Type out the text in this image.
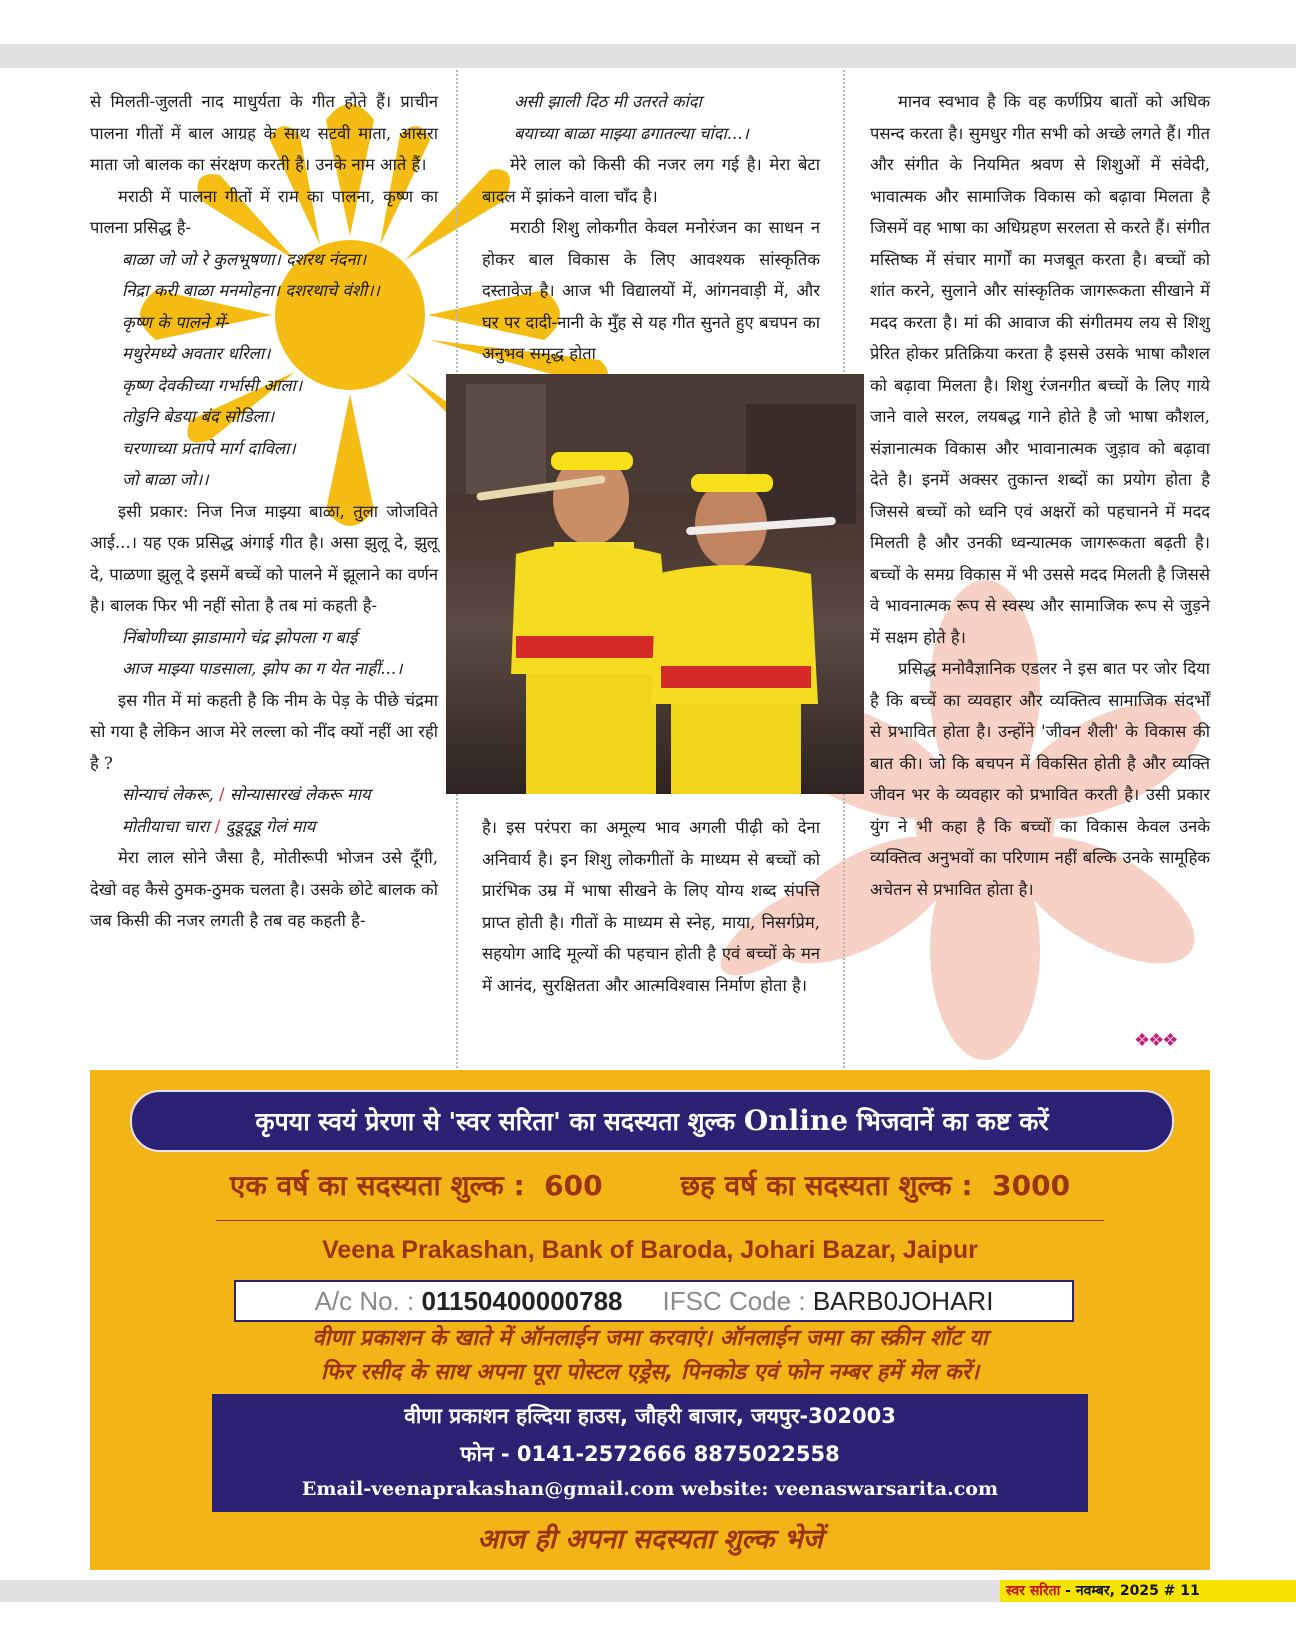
से मिलती-जुलती नाद माधुर्यता के गीत होते हैं। प्राचीन पालना गीतों में बाल आग्रह के साथ सटवी माता, आसरा माता जो बालक का संरक्षण करती है। उनके नाम आते हैं।

मराठी में पालना गीतों में राम का पालना, कृष्ण का पालना प्रसिद्ध है-

बाळा जो जो रे कुलभूषणा। दशरथ नंदना।

निद्रा करी बाळा मनमोहना। दशरथाचे वंशी।।

कृष्ण के पालने में-

मथुरेमध्ये अवतार धरिला।

कृष्ण देवकीच्या गर्भासी आला।

तोडुनि बेडया बंद सोडिला।

चरणाच्या प्रतापे मार्ग दाविला।

जो बाळा जो।।

इसी प्रकार: निज निज माझ्या बाळा, तुला जोजविते आई...। यह एक प्रसिद्ध अंगाई गीत है। असा झुलू दे, झुलू दे, पाळणा झुलू दे इसमें बच्चें को पालने में झूलाने का वर्णन है। बालक फिर भी नहीं सोता है तब मां कहती है-

निंबोणीच्या झाडामागे चंद्र झोपला ग बाई

आज माझ्या पाडसाला, झोप का ग येत नाहीं...।

इस गीत में मां कहती है कि नीम के पेड़ के पीछे चंद्रमा सो गया है लेकिन आज मेरे लल्ला को नींद क्यों नहीं आ रही है ?

सोन्याचं लेकरू, / सोन्यासारखं लेकरू माय

मोतीयाचा चारा / दुडूदूडू गेलं माय

मेरा लाल सोने जैसा है, मोतीरूपी भोजन उसे दूँगी, देखो वह कैसे ठुमक-ठुमक चलता है। उसके छोटे बालक को जब किसी की नजर लगती है तब वह कहती है-

असी झाली दिठ मी उतरते कांदा

बयाच्या बाळा माझ्या ढगातल्या चांदा...।

मेरे लाल को किसी की नजर लग गई है। मेरा बेटा बादल में झांकने वाला चाँद है।

मराठी शिशु लोकगीत केवल मनोरंजन का साधन न होकर बाल विकास के लिए आवश्यक सांस्कृतिक दस्तावेज है। आज भी विद्यालयों में, आंगनवाड़ी में, और घर पर दादी-नानी के मुँह से यह गीत सुनते हुए बचपन का अनुभव समृद्ध होता

है। इस परंपरा का अमूल्य भाव अगली पीढ़ी को देना अनिवार्य है। इन शिशु लोकगीतों के माध्यम से बच्चों को प्रारंभिक उम्र में भाषा सीखने के लिए योग्य शब्द संपत्ति प्राप्त होती है। गीतों के माध्यम से स्नेह, माया, निसर्गप्रेम, सहयोग आदि मूल्यों की पहचान होती है एवं बच्चों के मन में आनंद, सुरक्षितता और आत्मविश्वास निर्माण होता है।

मानव स्वभाव है कि वह कर्णप्रिय बातों को अधिक पसन्द करता है। सुमधुर गीत सभी को अच्छे लगते हैं। गीत और संगीत के नियमित श्रवण से शिशुओं में संवेदी, भावात्मक और सामाजिक विकास को बढ़ावा मिलता है जिसमें वह भाषा का अधिग्रहण सरलता से करते हैं। संगीत मस्तिष्क में संचार मार्गों का मजबूत करता है। बच्चों को शांत करने, सुलाने और सांस्कृतिक जागरूकता सीखाने में मदद करता है। मां की आवाज की संगीतमय लय से शिशु प्रेरित होकर प्रतिक्रिया करता है इससे उसके भाषा कौशल को बढ़ावा मिलता है। शिशु रंजनगीत बच्चों के लिए गाये जाने वाले सरल, लयबद्ध गाने होते है जो भाषा कौशल, संज्ञानात्मक विकास और भावानात्मक जुड़ाव को बढ़ावा देते है। इनमें अक्सर तुकान्त शब्दों का प्रयोग होता है जिससे बच्चों को ध्वनि एवं अक्षरों को पहचानने में मदद मिलती है और उनकी ध्वन्यात्मक जागरूकता बढ़ती है। बच्चों के समग्र विकास में भी उससे मदद मिलती है जिससे वे भावनात्मक रूप से स्वस्थ और सामाजिक रूप से जुड़ने में सक्षम होते है।

प्रसिद्ध मनोवैज्ञानिक एडलर ने इस बात पर जोर दिया है कि बच्चें का व्यवहार और व्यक्तित्व सामाजिक संदर्भों से प्रभावित होता है। उन्होंने 'जीवन शैली' के विकास की बात की। जो कि बचपन में विकसित होती है और व्यक्ति जीवन भर के व्यवहार को प्रभावित करती है। उसी प्रकार युंग ने भी कहा है कि बच्चों का विकास केवल उनके व्यक्तित्व अनुभवों का परिणाम नहीं बल्कि उनके सामूहिक अचेतन से प्रभावित होता है।

❖❖❖
कृपया स्वयं प्रेरणा से 'स्वर सरिता' का सदस्यता शुल्क Online भिजवानें का कष्ट करें
एक वर्ष का सदस्यता शुल्क : 600	छह वर्ष का सदस्यता शुल्क : 3000
Veena Prakashan, Bank of Baroda, Johari Bazar, Jaipur
A/c No. : 01150400000788 IFSC Code : BARB0JOHARI
वीणा प्रकाशन के खाते में ऑनलाईन जमा करवाएं। ऑनलाईन जमा का स्क्रीन शॉट या
फिर रसीद के साथ अपना पूरा पोस्टल एड्रेस, पिनकोड एवं फोन नम्बर हमें मेल करें।
वीणा प्रकाशन हल्दिया हाउस, जौहरी बाजार, जयपुर-302003
फोन - 0141-2572666 8875022558
Email-veenaprakashan@gmail.com website: veenaswarsarita.com
आज ही अपना सदस्यता शुल्क भेजें
स्वर सरिता - नवम्बर, 2025 # 11
